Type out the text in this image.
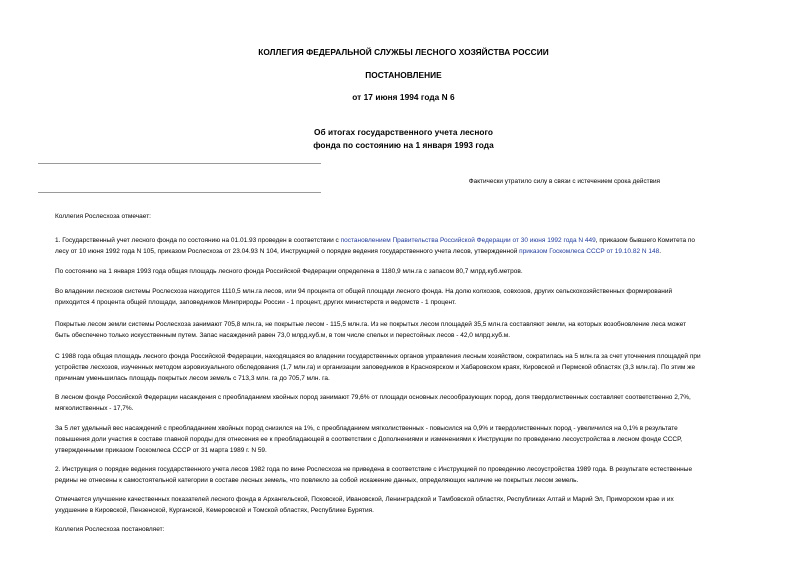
КОЛЛЕГИЯ ФЕДЕРАЛЬНОЙ СЛУЖБЫ ЛЕСНОГО ХОЗЯЙСТВА РОССИИ
ПОСТАНОВЛЕНИЕ
от 17 июня 1994 года N 6
Об итогах государственного учета лесного
фонда по состоянию на 1 января 1993 года
Фактически утратило силу в связи с истечением срока действия
Коллегия Рослесхоза отмечает:
1. Государственный учет лесного фонда по состоянию на 01.01.93 проведен в соответствии с постановлением Правительства Российской Федерации от 30 июня 1992 года N 449, приказом бывшего Комитета по
лесу от 10 июня 1992 года N 105, приказом Рослесхоза от 23.04.93 N 104, Инструкцией о порядке ведения государственного учета лесов, утвержденной приказом Госкомлеса СССР от 19.10.82 N 148.
По состоянию на 1 января 1993 года общая площадь лесного фонда Российской Федерации определена в 1180,9 млн.га с запасом 80,7 млрд.куб.метров.
Во владении лесхозов системы Рослесхоза находится 1110,5 млн.га лесов, или 94 процента от общей площади лесного фонда. На долю колхозов, совхозов, других сельскохозяйственных формирований
приходится 4 процента общей площади, заповедников Минприроды России - 1 процент, других министерств и ведомств - 1 процент.
Покрытые лесом земли системы Рослесхоза занимают 705,8 млн.га, не покрытые лесом - 115,5 млн.га. Из не покрытых лесом площадей 35,5 млн.га составляют земли, на которых возобновление леса может
быть обеспечено только искусственным путем. Запас насаждений равен 73,0 млрд.куб.м, в том числе спелых и перестойных лесов - 42,0 млрд.куб.м.
С 1988 года общая площадь лесного фонда Российской Федерации, находящаяся во владении государственных органов управления лесным хозяйством, сократилась на 5 млн.га за счет уточнения площадей при
устройстве лесхозов, изученных методом аэровизуального обследования (1,7 млн.га) и организации заповедников в Красноярском и Хабаровском краях, Кировской и Пермской областях (3,3 млн.га). По этим же
причинам уменьшилась площадь покрытых лесом земель с 713,3 млн. га до 705,7 млн. га.
В лесном фонде Российской Федерации насаждения с преобладанием хвойных пород занимают 79,6% от площади основных лесообразующих пород, доля твердолиственных составляет соответственно 2,7%,
мягколиственных - 17,7%.
За 5 лет удельный вес насаждений с преобладанием хвойных пород снизился на 1%, с преобладанием мягколиственных - повысился на 0,9% и твердолиственных пород - увеличился на 0,1% в результате
повышения доли участия в составе главной породы для отнесения ее к преобладающей в соответствии с Дополнениями и изменениями к Инструкции по проведению лесоустройства в лесном фонде СССР,
утвержденными приказом Госкомлеса СССР от 31 марта 1989 г. N 59.
2. Инструкция о порядке ведения государственного учета лесов 1982 года по вине Рослесхоза не приведена в соответствие с Инструкцией по проведению лесоустройства 1989 года. В результате естественные
редины не отнесены к самостоятельной категории в составе лесных земель, что повлекло за собой искажение данных, определяющих наличие не покрытых лесом земель.
Отмечается улучшение качественных показателей лесного фонда в Архангельской, Псковской, Ивановской, Ленинградской и Тамбовской областях, Республиках Алтай и Марий Эл, Приморском крае и их
ухудшение в Кировской, Пензенской, Курганской, Кемеровской и Томской областях, Республике Бурятия.
Коллегия Рослесхоза постановляет:
